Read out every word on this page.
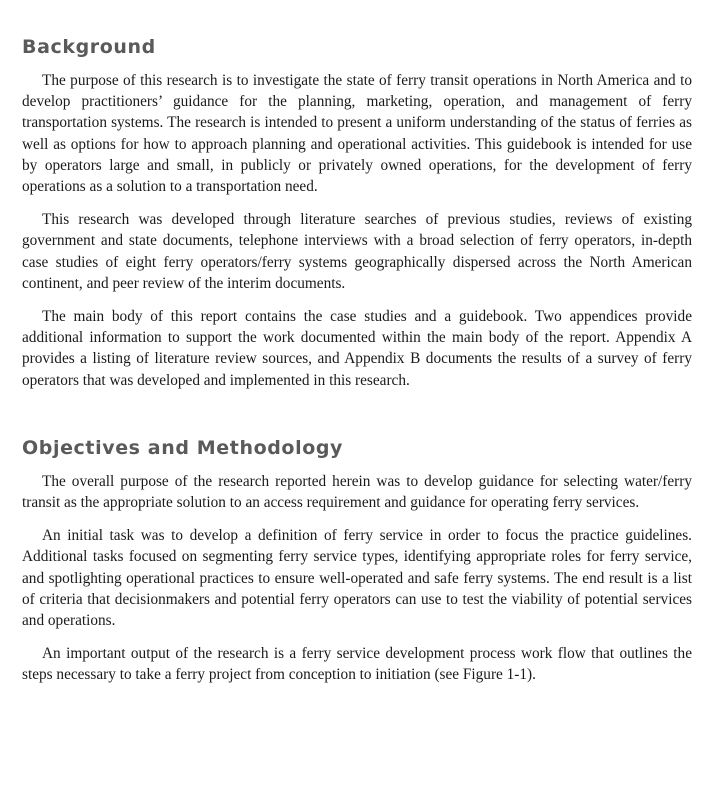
Background

The purpose of this research is to investigate the state of ferry transit operations in North America and to develop practitioners’ guidance for the planning, marketing, operation, and management of ferry transportation systems. The research is intended to present a uniform understanding of the status of ferries as well as options for how to approach planning and operational activities. This guidebook is intended for use by operators large and small, in publicly or privately owned operations, for the development of ferry operations as a solution to a transportation need.

This research was developed through literature searches of previous studies, reviews of existing government and state documents, telephone interviews with a broad selection of ferry operators, in-depth case studies of eight ferry operators/ferry systems geographically dispersed across the North American continent, and peer review of the interim documents.

The main body of this report contains the case studies and a guidebook. Two appendices provide additional information to support the work documented within the main body of the report. Appendix A provides a listing of literature review sources, and Appendix B documents the results of a survey of ferry operators that was developed and implemented in this research.

Objectives and Methodology

The overall purpose of the research reported herein was to develop guidance for selecting water/ferry transit as the appropriate solution to an access requirement and guidance for operating ferry services.

An initial task was to develop a definition of ferry service in order to focus the practice guidelines. Additional tasks focused on segmenting ferry service types, identifying appropriate roles for ferry service, and spotlighting operational practices to ensure well-operated and safe ferry systems. The end result is a list of criteria that decisionmakers and potential ferry operators can use to test the viability of potential services and operations.

An important output of the research is a ferry service development process work flow that outlines the steps necessary to take a ferry project from conception to initiation (see Figure 1-1).
